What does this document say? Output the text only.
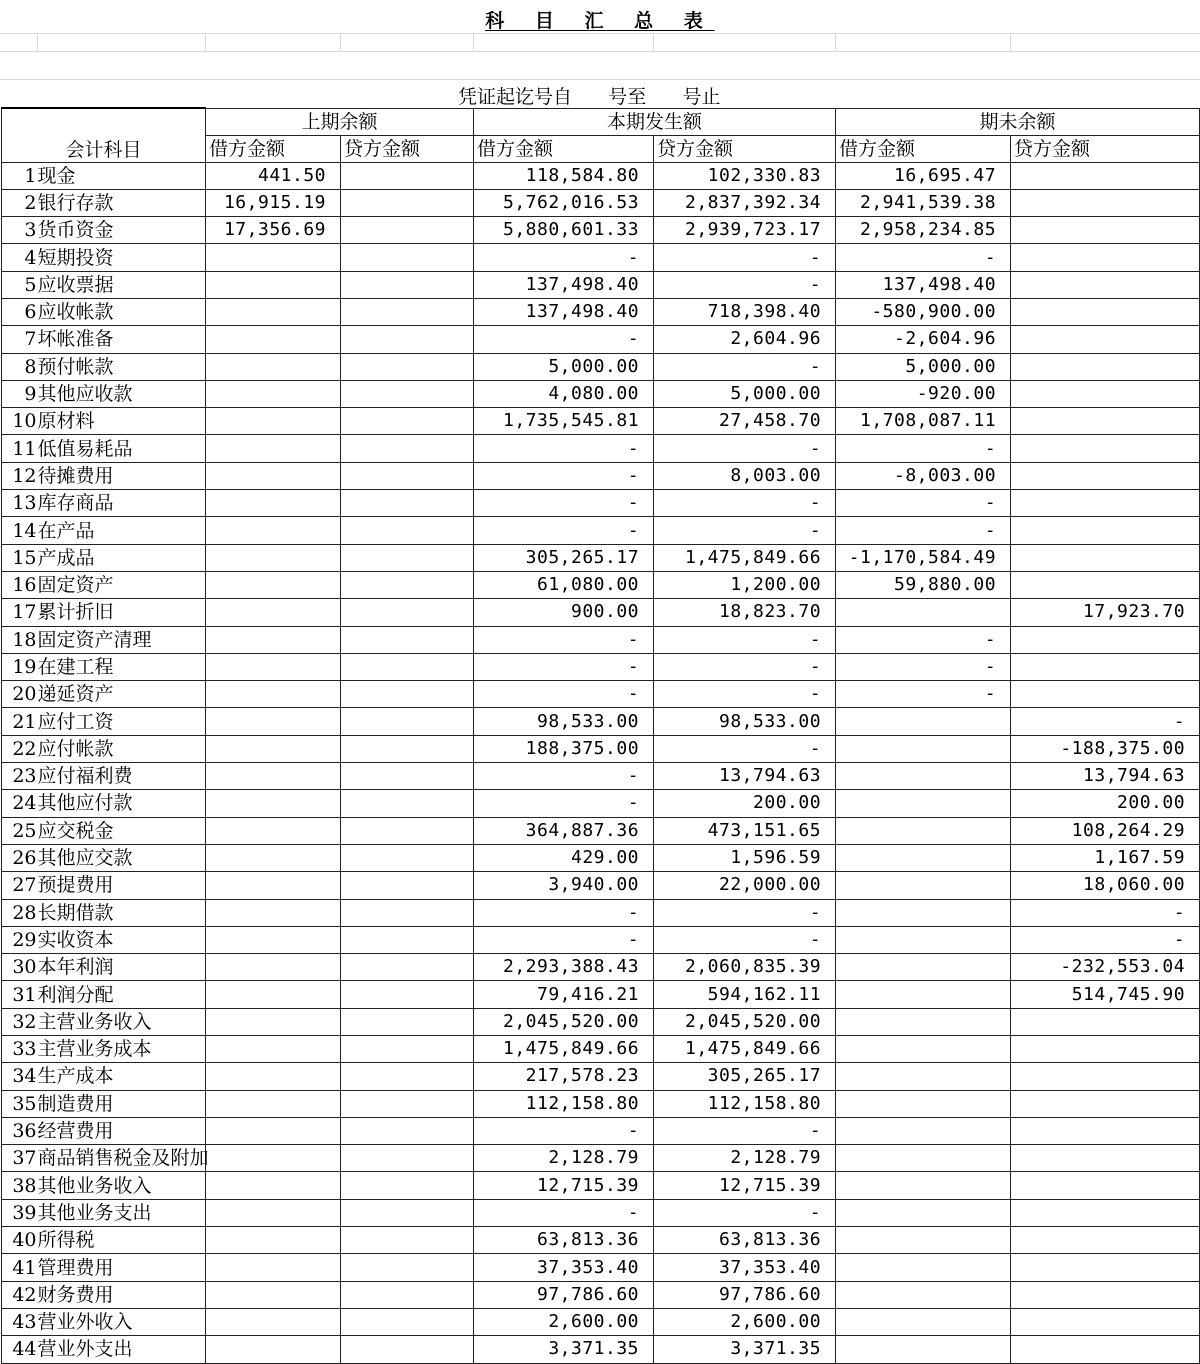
科 目 汇 总 表
凭证起讫号自      号至      号止
会计科目		上期余额		本期发生额		期未余额	
		借方金额	贷方金额	借方金额	贷方金额	借方金额	贷方金额
1	现金	441.50		118,584.80	102,330.83	16,695.47	
2	银行存款	16,915.19		5,762,016.53	2,837,392.34	2,941,539.38	
3	货币资金	17,356.69		5,880,601.33	2,939,723.17	2,958,234.85	
4	短期投资			-	-	-	
5	应收票据			137,498.40	-	137,498.40	
6	应收帐款			137,498.40	718,398.40	-580,900.00	
7	坏帐准备			-	2,604.96	-2,604.96	
8	预付帐款			5,000.00	-	5,000.00	
9	其他应收款			4,080.00	5,000.00	-920.00	
10	原材料			1,735,545.81	27,458.70	1,708,087.11	
11	低值易耗品			-	-	-	
12	待摊费用			-	8,003.00	-8,003.00	
13	库存商品			-	-	-	
14	在产品			-	-	-	
15	产成品			305,265.17	1,475,849.66	-1,170,584.49	
16	固定资产			61,080.00	1,200.00	59,880.00	
17	累计折旧			900.00	18,823.70		17,923.70
18	固定资产清理			-	-	-	
19	在建工程			-	-	-	
20	递延资产			-	-	-	
21	应付工资			98,533.00	98,533.00		-
22	应付帐款			188,375.00	-		-188,375.00
23	应付福利费			-	13,794.63		13,794.63
24	其他应付款			-	200.00		200.00
25	应交税金			364,887.36	473,151.65		108,264.29
26	其他应交款			429.00	1,596.59		1,167.59
27	预提费用			3,940.00	22,000.00		18,060.00
28	长期借款			-	-		-
29	实收资本			-	-		-
30	本年利润			2,293,388.43	2,060,835.39		-232,553.04
31	利润分配			79,416.21	594,162.11		514,745.90
32	主营业务收入			2,045,520.00	2,045,520.00		
33	主营业务成本			1,475,849.66	1,475,849.66		
34	生产成本			217,578.23	305,265.17		
35	制造费用			112,158.80	112,158.80		
36	经营费用			-	-		
37	商品销售税金及附加			2,128.79	2,128.79		
38	其他业务收入			12,715.39	12,715.39		
39	其他业务支出			-	-		
40	所得税			63,813.36	63,813.36		
41	管理费用			37,353.40	37,353.40		
42	财务费用			97,786.60	97,786.60		
43	营业外收入			2,600.00	2,600.00		
44	营业外支出			3,371.35	3,371.35		
